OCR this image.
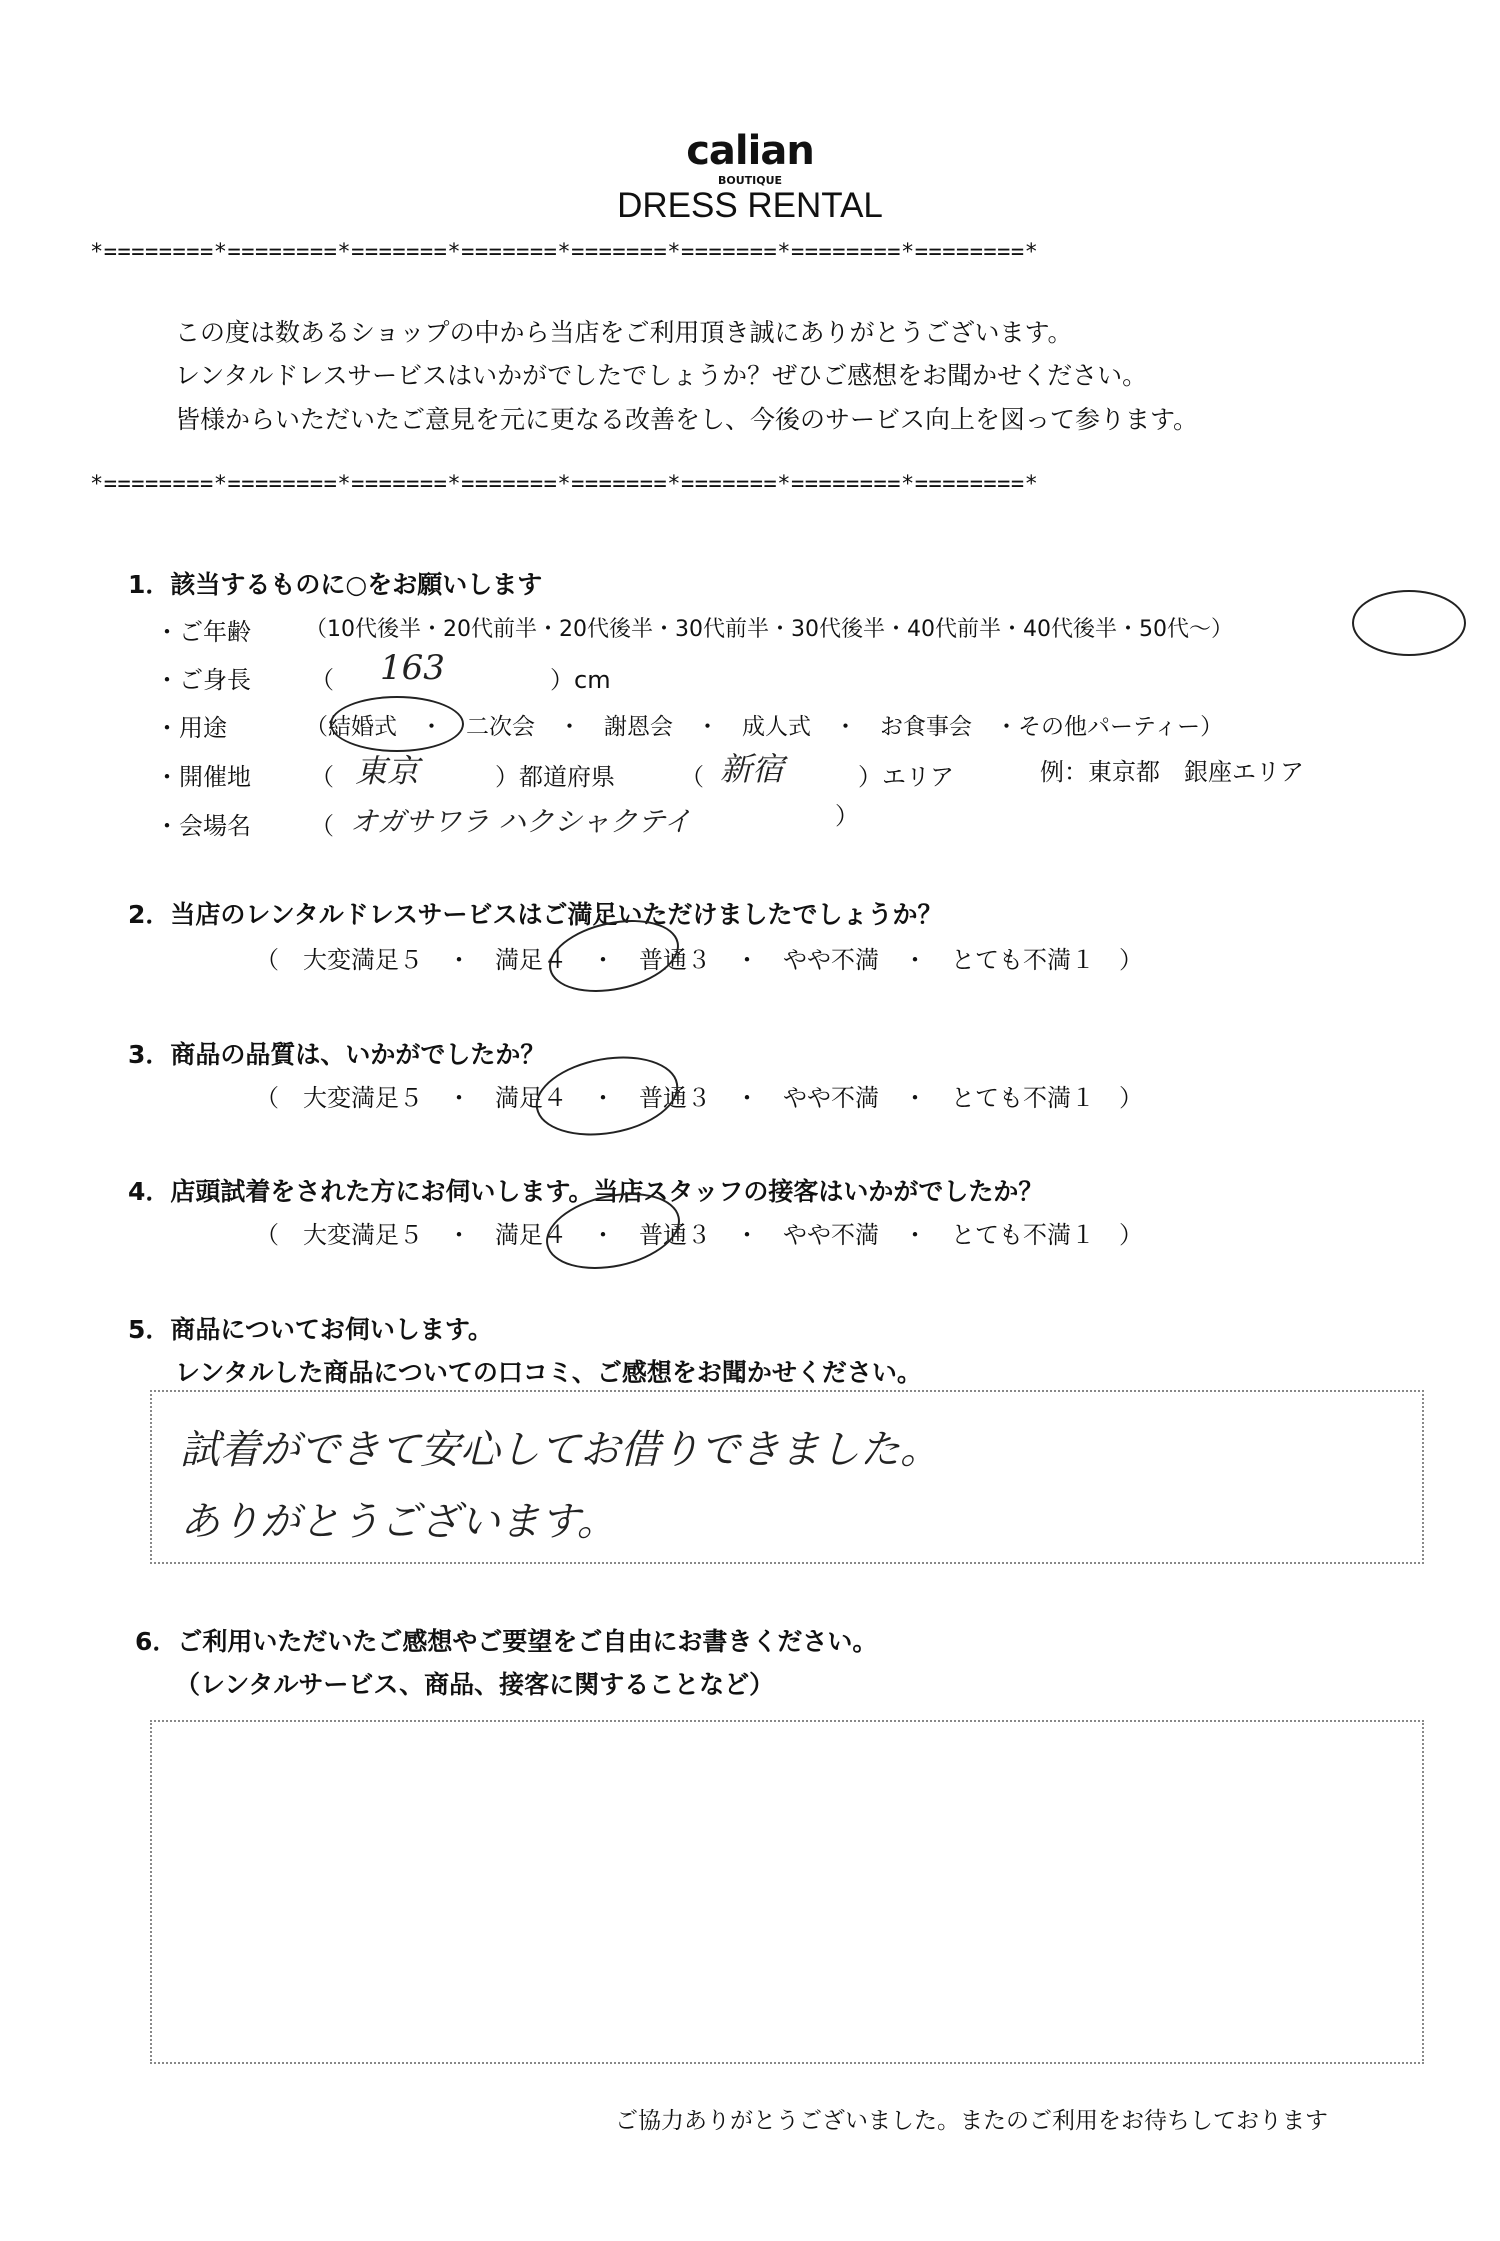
calian
BOUTIQUE
DRESS RENTAL
*========*========*=======*=======*=======*=======*========*========*
この度は数あるショップの中から当店をご利用頂き誠にありがとうございます。
レンタルドレスサービスはいかがでしたでしょうか？ぜひご感想をお聞かせください。
皆様からいただいたご意見を元に更なる改善をし、今後のサービス向上を図って参ります。
*========*========*=======*=======*=======*=======*========*========*
1．該当するものに○をお願いします
・ご年齢 （10代後半・20代前半・20代後半・30代前半・30代後半・40代前半・40代後半・50代～）
・ご身長 （ 163	）cm
・用途	（結婚式　・　二次会　・　謝恩会　・　成人式　・　お食事会　・その他パーティー）
・開催地 （ 東京	）都道府県	（ 新宿	）エリア	例：東京都　銀座エリア
・会場名 （ オガサワラ ハクシャクテイ	）
2．当店のレンタルドレスサービスはご満足いただけましたでしょうか？
（　大変満足５　・　満足４　・　普通３　・　やや不満　・　とても不満１　）
3．商品の品質は、いかがでしたか？
（　大変満足５　・　満足４　・　普通３　・　やや不満　・　とても不満１　）
4．店頭試着をされた方にお伺いします。当店スタッフの接客はいかがでしたか？
（　大変満足５　・　満足４　・　普通３　・　やや不満　・　とても不満１　）
5．商品についてお伺いします。
レンタルした商品についての口コミ、ご感想をお聞かせください。
試着ができて安心してお借りできました。
ありがとうございます。
6．ご利用いただいたご感想やご要望をご自由にお書きください。
（レンタルサービス、商品、接客に関することなど）
ご協力ありがとうございました。またのご利用をお待ちしております
